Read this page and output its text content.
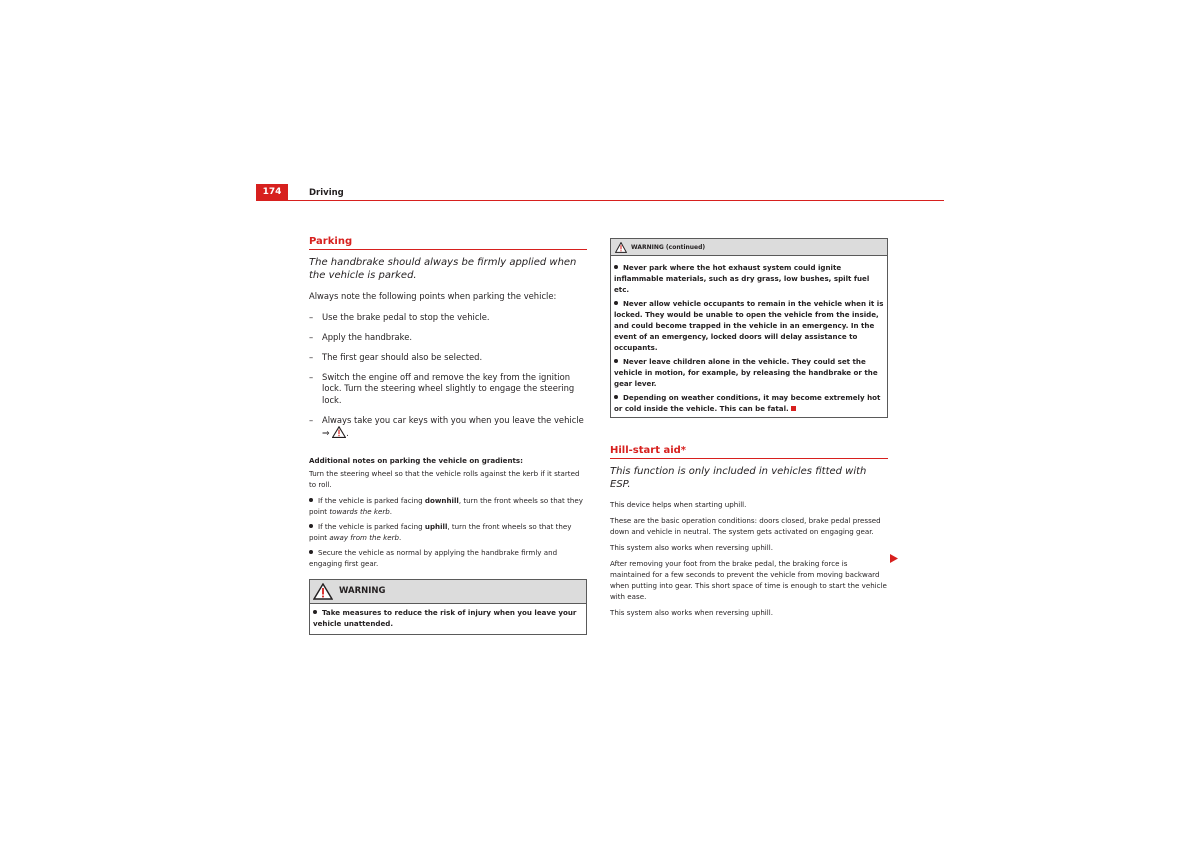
174	Driving
Parking

The handbrake should always be firmly applied when the vehicle is parked.

Always note the following points when parking the vehicle:

– Use the brake pedal to stop the vehicle.
– Apply the handbrake.
– The first gear should also be selected.
– Switch the engine off and remove the key from the ignition lock. Turn the steering wheel slightly to engage the steering lock.
– Always take you car keys with you when you leave the vehicle
⇒ .

Additional notes on parking the vehicle on gradients:

Turn the steering wheel so that the vehicle rolls against the kerb if it started to roll.

If the vehicle is parked facing downhill, turn the front wheels so that they point towards the kerb.

If the vehicle is parked facing uphill, turn the front wheels so that they point away from the kerb.

Secure the vehicle as normal by applying the handbrake firmly and engaging first gear.

WARNING

Take measures to reduce the risk of injury when you leave your vehicle unattended.

WARNING (continued)

Never park where the hot exhaust system could ignite inflammable materials, such as dry grass, low bushes, spilt fuel etc.

Never allow vehicle occupants to remain in the vehicle when it is locked. They would be unable to open the vehicle from the inside, and could become trapped in the vehicle in an emergency. In the event of an emergency, locked doors will delay assistance to occupants.

Never leave children alone in the vehicle. They could set the vehicle in motion, for example, by releasing the handbrake or the gear lever.

Depending on weather conditions, it may become extremely hot or cold inside the vehicle. This can be fatal.

Hill-start aid*

This function is only included in vehicles fitted with ESP.

This device helps when starting uphill.

These are the basic operation conditions: doors closed, brake pedal pressed down and vehicle in neutral. The system gets activated on engaging gear.

This system also works when reversing uphill.

After removing your foot from the brake pedal, the braking force is maintained for a few seconds to prevent the vehicle from moving backward when putting into gear. This short space of time is enough to start the vehicle with ease.

This system also works when reversing uphill.
